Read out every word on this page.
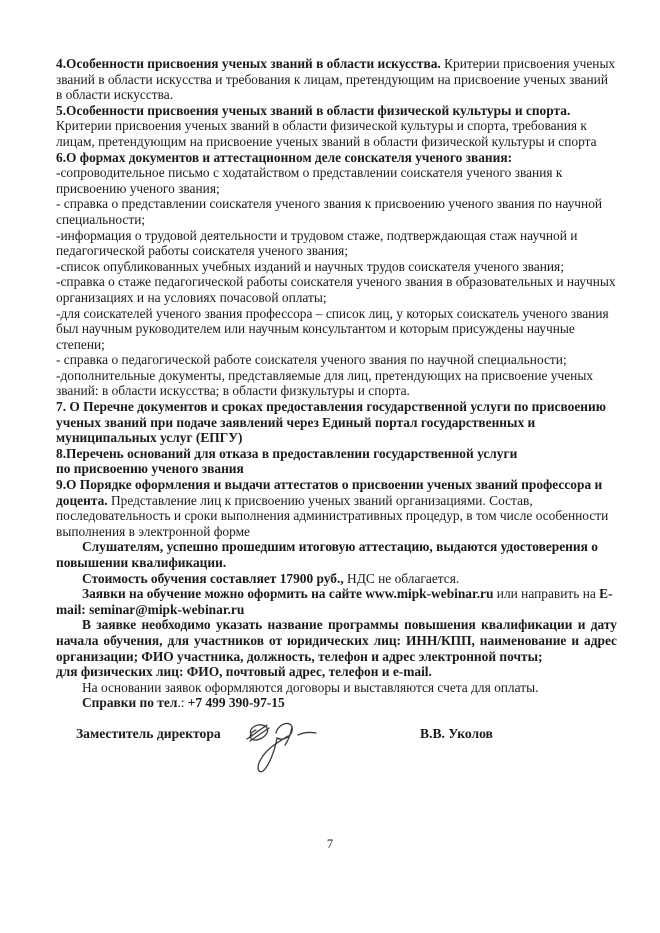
4.Особенности присвоения ученых званий в области искусства. Критерии присвоения ученых званий в области искусства и требования к лицам, претендующим на присвоение ученых званий в области искусства.

5.Особенности присвоения ученых званий в области физической культуры и спорта. Критерии присвоения ученых званий в области физической культуры и спорта, требования к лицам, претендующим на присвоение ученых званий в области физической культуры и спорта

6.О формах документов и аттестационном деле соискателя ученого звания:

-сопроводительное письмо с ходатайством о представлении соискателя ученого звания к присвоению ученого звания;

- справка о представлении соискателя ученого звания к присвоению ученого звания по научной специальности;

-информация о трудовой деятельности и трудовом стаже, подтверждающая стаж научной и педагогической работы соискателя ученого звания;

-список опубликованных учебных изданий и научных трудов соискателя ученого звания;

-справка о стаже педагогической работы соискателя ученого звания в образовательных и научных организациях и на условиях почасовой оплаты;

-для соискателей ученого звания профессора – список лиц, у которых соискатель ученого звания был научным руководителем или научным консультантом и которым присуждены научные степени;

- справка о педагогической работе соискателя ученого звания по научной специальности;

-дополнительные документы, представляемые для лиц, претендующих на присвоение ученых званий: в области искусства; в области физкультуры и спорта.

7. О Перечне документов и сроках предоставления государственной услуги по присвоению ученых званий при подаче заявлений через Единый портал государственных и муниципальных услуг (ЕПГУ)

8.Перечень оснований для отказа в предоставлении государственной услуги
по присвоению ученого звания

9.О Порядке оформления и выдачи аттестатов о присвоении ученых званий профессора и доцента. Представление лиц к присвоению ученых званий организациями. Состав, последовательность и сроки выполнения административных процедур, в том числе особенности выполнения в электронной форме

Слушателям, успешно прошедшим итоговую аттестацию, выдаются удостоверения о повышении квалификации.

Стоимость обучения составляет 17900 руб., НДС не облагается.

Заявки на обучение можно оформить на сайте www.mipk-webinar.ru или направить на E-mail: seminar@mipk-webinar.ru

В заявке необходимо указать название программы повышения квалификации и дату начала обучения, для участников от юридических лиц: ИНН/КПП, наименование и адрес организации; ФИО участника, должность, телефон и адрес электронной почты;
для физических лиц: ФИО, почтовый адрес, телефон и e-mail.

На основании заявок оформляются договоры и выставляются счета для оплаты.

Справки по тел.: +7 499 390-97-15

Заместитель директора	В.В. Уколов
7
